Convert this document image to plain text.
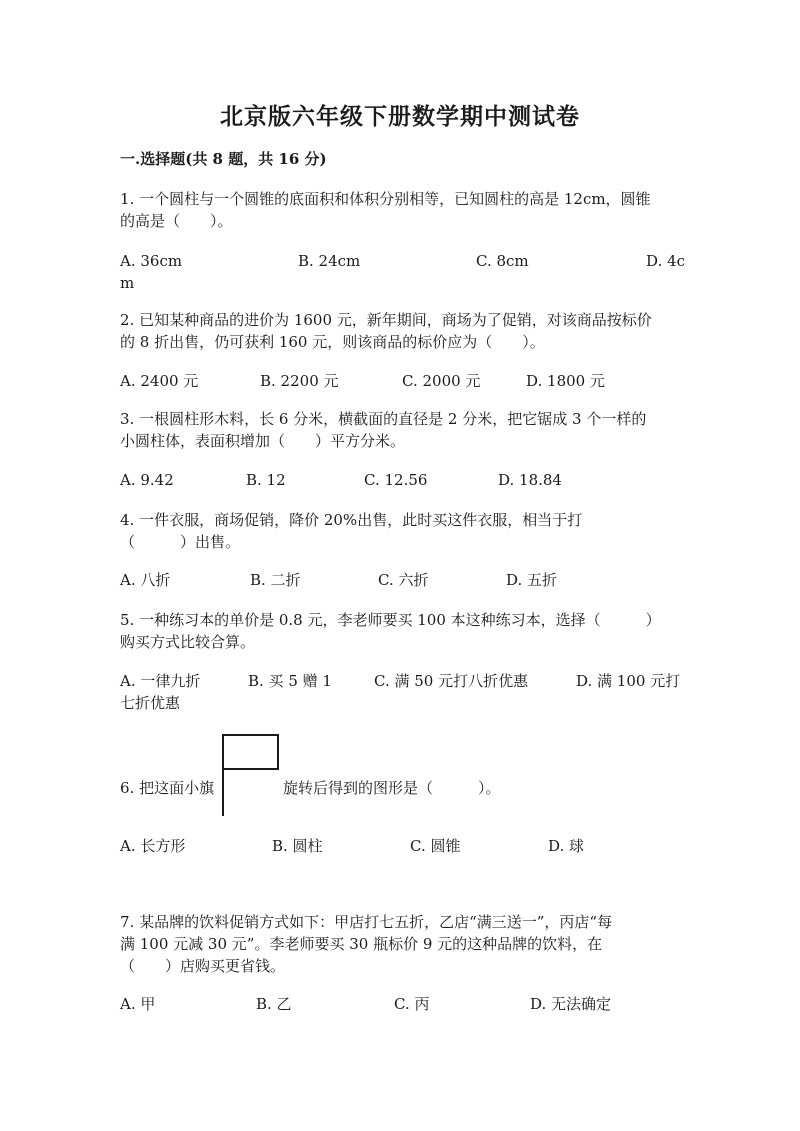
北京版六年级下册数学期中测试卷
一.选择题(共 8 题，共 16 分)
1. 一个圆柱与一个圆锥的底面积和体积分别相等，已知圆柱的高是 12cm，圆锥
的高是（　　）。
A. 36cm	B. 24cm	C. 8cm	D. 4c
m
2. 已知某种商品的进价为 1600 元，新年期间，商场为了促销，对该商品按标价
的 8 折出售，仍可获利 160 元，则该商品的标价应为（　　）。
A. 2400 元	B. 2200 元	C. 2000 元	D. 1800 元
3. 一根圆柱形木料，长 6 分米，横截面的直径是 2 分米，把它锯成 3 个一样的
小圆柱体，表面积增加（　　）平方分米。
A. 9.42	B. 12	C. 12.56	D. 18.84
4. 一件衣服，商场促销，降价 20%出售，此时买这件衣服，相当于打
（　　　）出售。
A. 八折	B. 二折	C. 六折	D. 五折
5. 一种练习本的单价是 0.8 元，李老师要买 100 本这种练习本，选择（　　　）
购买方式比较合算。
A. 一律九折	B. 买 5 赠 1	C. 满 50 元打八折优惠	D. 满 100 元打
七折优惠
6. 把这面小旗	旋转后得到的图形是（　　　）。
A. 长方形	B. 圆柱	C. 圆锥	D. 球
7. 某品牌的饮料促销方式如下：甲店打七五折，乙店“满三送一”，丙店“每
满 100 元减 30 元”。李老师要买 30 瓶标价 9 元的这种品牌的饮料，在
（　　）店购买更省钱。
A. 甲	B. 乙	C. 丙	D. 无法确定
